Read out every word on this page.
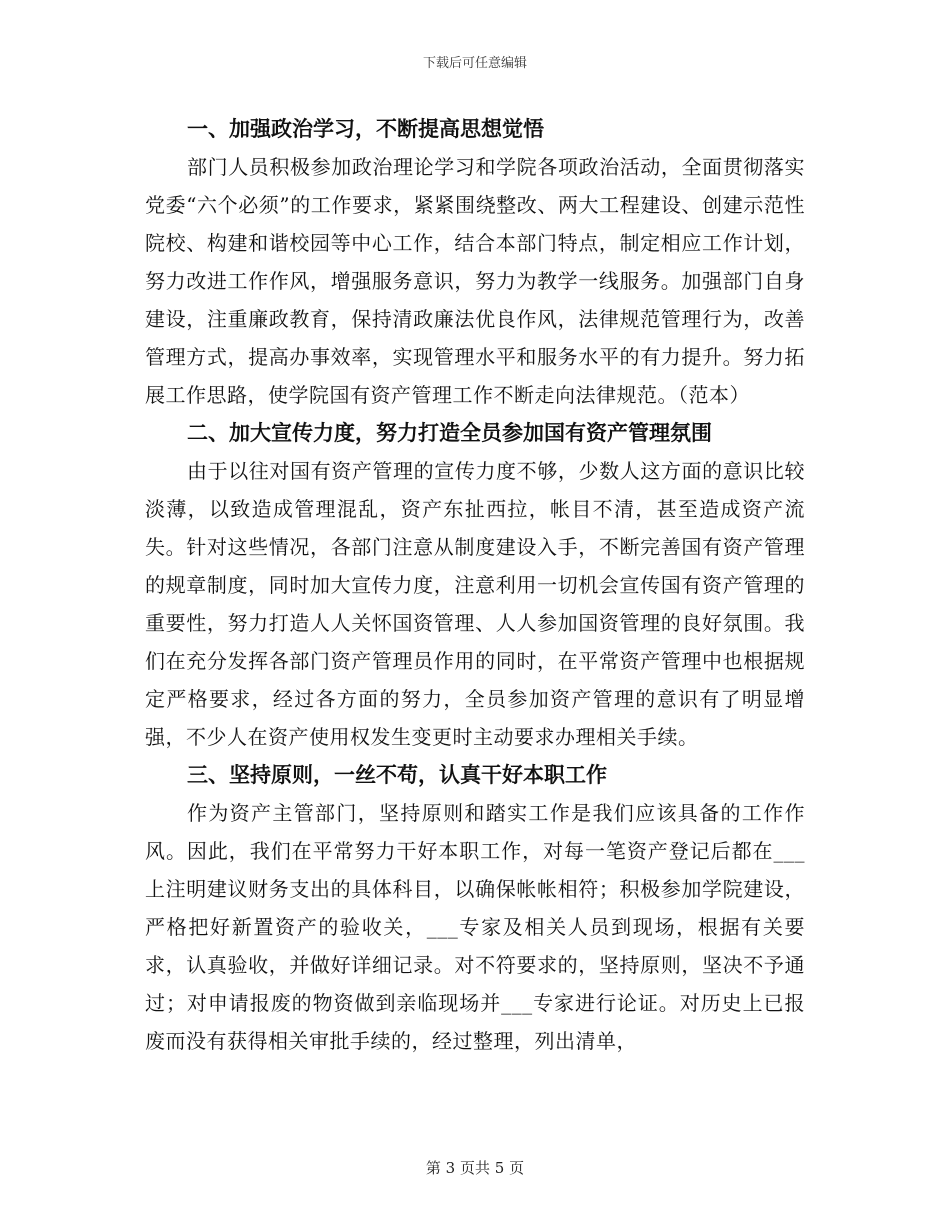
下载后可任意编辑
一、加强政治学习，不断提高思想觉悟

部门人员积极参加政治理论学习和学院各项政治活动，全面贯彻落实党委“六个必须”的工作要求，紧紧围绕整改、两大工程建设、创建示范性院校、构建和谐校园等中心工作，结合本部门特点，制定相应工作计划，努力改进工作作风，增强服务意识，努力为教学一线服务。加强部门自身建设，注重廉政教育，保持清政廉法优良作风，法律规范管理行为，改善管理方式，提高办事效率，实现管理水平和服务水平的有力提升。努力拓展工作思路，使学院国有资产管理工作不断走向法律规范。（范本）

二、加大宣传力度，努力打造全员参加国有资产管理氛围

由于以往对国有资产管理的宣传力度不够，少数人这方面的意识比较淡薄，以致造成管理混乱，资产东扯西拉，帐目不清，甚至造成资产流失。针对这些情况，各部门注意从制度建设入手，不断完善国有资产管理的规章制度，同时加大宣传力度，注意利用一切机会宣传国有资产管理的重要性，努力打造人人关怀国资管理、人人参加国资管理的良好氛围。我们在充分发挥各部门资产管理员作用的同时，在平常资产管理中也根据规定严格要求，经过各方面的努力，全员参加资产管理的意识有了明显增强，不少人在资产使用权发生变更时主动要求办理相关手续。

三、坚持原则，一丝不苟，认真干好本职工作

作为资产主管部门，坚持原则和踏实工作是我们应该具备的工作作风。因此，我们在平常努力干好本职工作，对每一笔资产登记后都在___上注明建议财务支出的具体科目，以确保帐帐相符；积极参加学院建设，严格把好新置资产的验收关，___专家及相关人员到现场，根据有关要求，认真验收，并做好详细记录。对不符要求的，坚持原则，坚决不予通过；对申请报废的物资做到亲临现场并___专家进行论证。对历史上已报废而没有获得相关审批手续的，经过整理，列出清单，

第 3 页共 5 页
